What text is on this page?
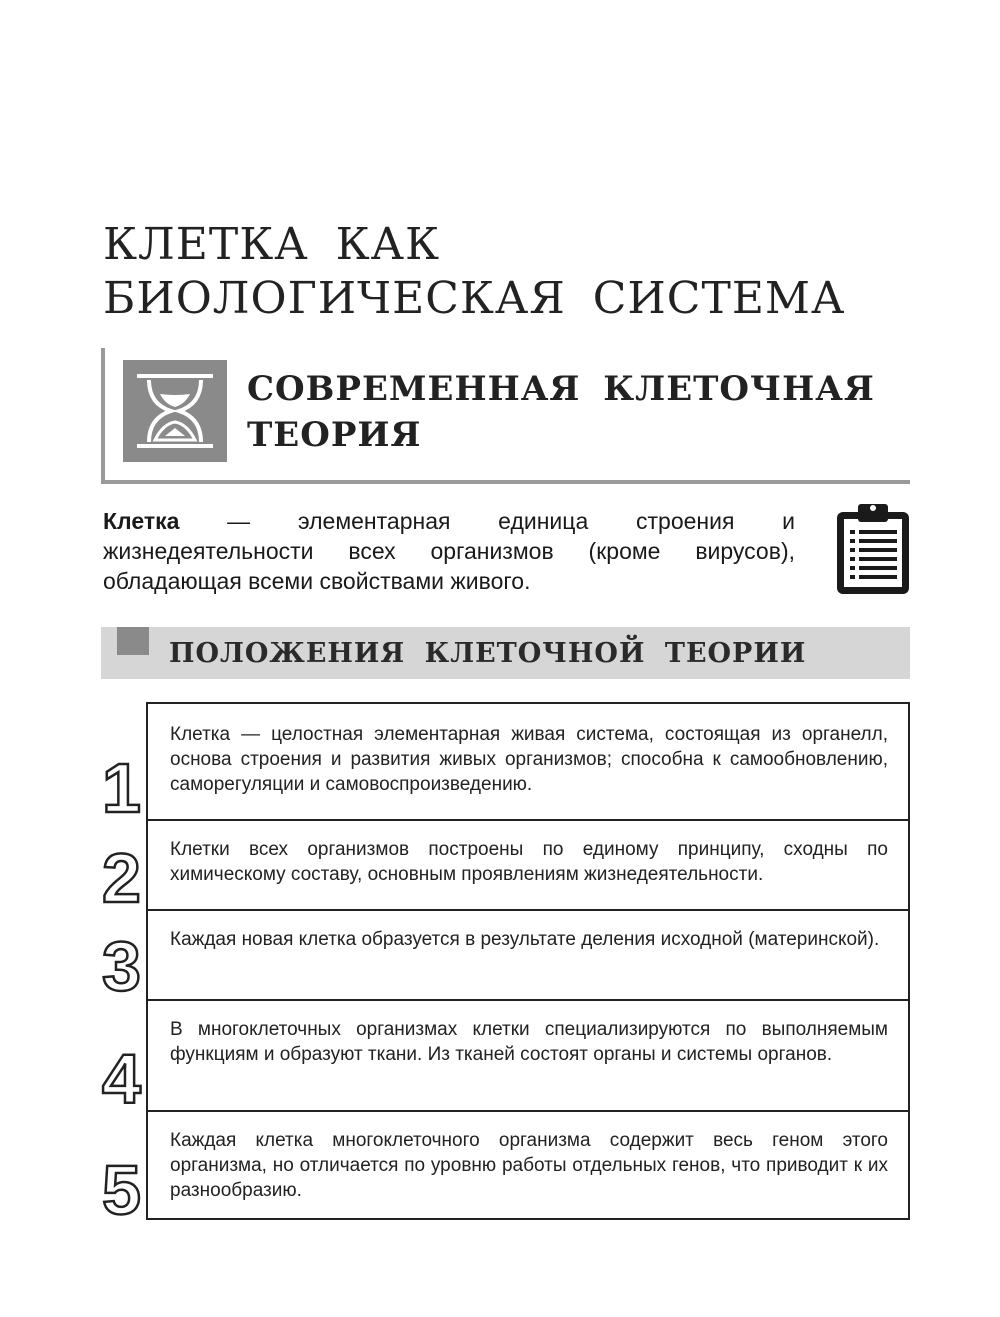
КЛЕТКА КАК БИОЛОГИЧЕСКАЯ СИСТЕМА
СОВРЕМЕННАЯ КЛЕТОЧНАЯ ТЕОРИЯ

Клетка — элементарная единица строения и жизнедеятельности всех организмов (кроме вирусов), обладающая всеми свойствами живого.

ПОЛОЖЕНИЯ КЛЕТОЧНОЙ ТЕОРИИ

Клетка — целостная элементарная живая система, состоящая из органелл, основа строения и развития живых организмов; способна к самообновлению, саморегуляции и самовоспроизведению.

Клетки всех организмов построены по единому принципу, сходны по химическому составу, основным проявлениям жизнедеятельности.

Каждая новая клетка образуется в результате деления исходной (материнской).

В многоклеточных организмах клетки специализируются по выполняемым функциям и образуют ткани. Из тканей состоят органы и системы органов.

Каждая клетка многоклеточного организма содержит весь геном этого организма, но отличается по уровню работы отдельных генов, что приводит к их разнообразию.

1
2
3
4
5
